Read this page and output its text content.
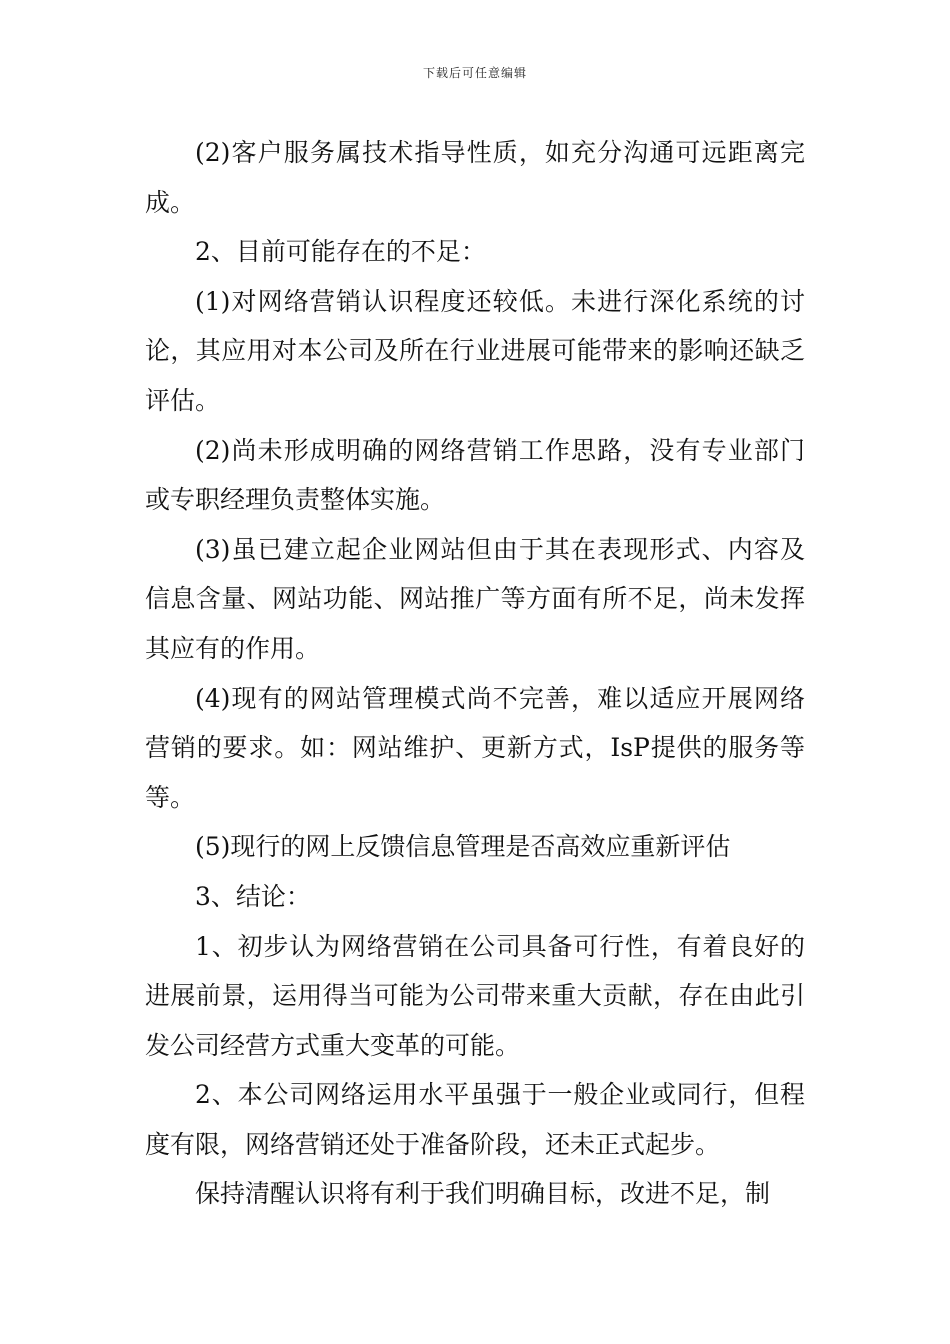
下载后可任意编辑

(2)客户服务属技术指导性质，如充分沟通可远距离完成。

2、目前可能存在的不足：

(1)对网络营销认识程度还较低。未进行深化系统的讨论，其应用对本公司及所在行业进展可能带来的影响还缺乏评估。

(2)尚未形成明确的网络营销工作思路，没有专业部门或专职经理负责整体实施。

(3)虽已建立起企业网站但由于其在表现形式、内容及信息含量、网站功能、网站推广等方面有所不足，尚未发挥其应有的作用。

(4)现有的网站管理模式尚不完善，难以适应开展网络营销的要求。如：网站维护、更新方式，IsP提供的服务等等。

(5)现行的网上反馈信息管理是否高效应重新评估

3、结论：

1、初步认为网络营销在公司具备可行性，有着良好的进展前景，运用得当可能为公司带来重大贡献，存在由此引发公司经营方式重大变革的可能。

2、本公司网络运用水平虽强于一般企业或同行，但程度有限，网络营销还处于准备阶段，还未正式起步。

保持清醒认识将有利于我们明确目标，改进不足，制
